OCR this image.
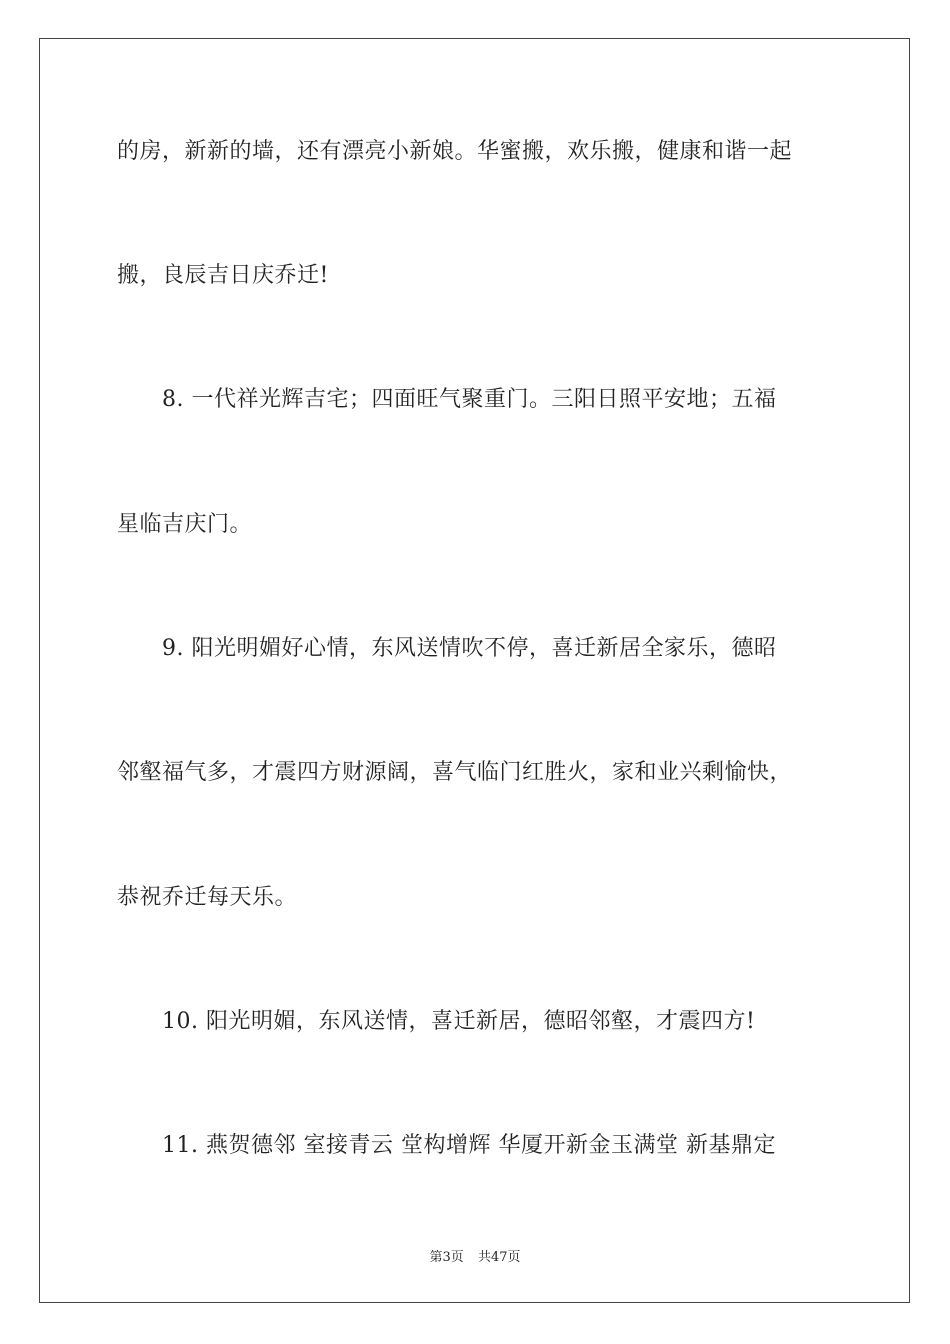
的房，新新的墙，还有漂亮小新娘。华蜜搬，欢乐搬，健康和谐一起
搬，良辰吉日庆乔迁!
8. 一代祥光辉吉宅；四面旺气聚重门。三阳日照平安地；五福
星临吉庆门。
9. 阳光明媚好心情，东风送情吹不停，喜迁新居全家乐，德昭
邻壑福气多，才震四方财源阔，喜气临门红胜火，家和业兴剩愉快，
恭祝乔迁每天乐。
10. 阳光明媚，东风送情，喜迁新居，德昭邻壑，才震四方!
11. 燕贺德邻 室接青云 堂构增辉 华厦开新金玉满堂 新基鼎定
第3页 共47页
